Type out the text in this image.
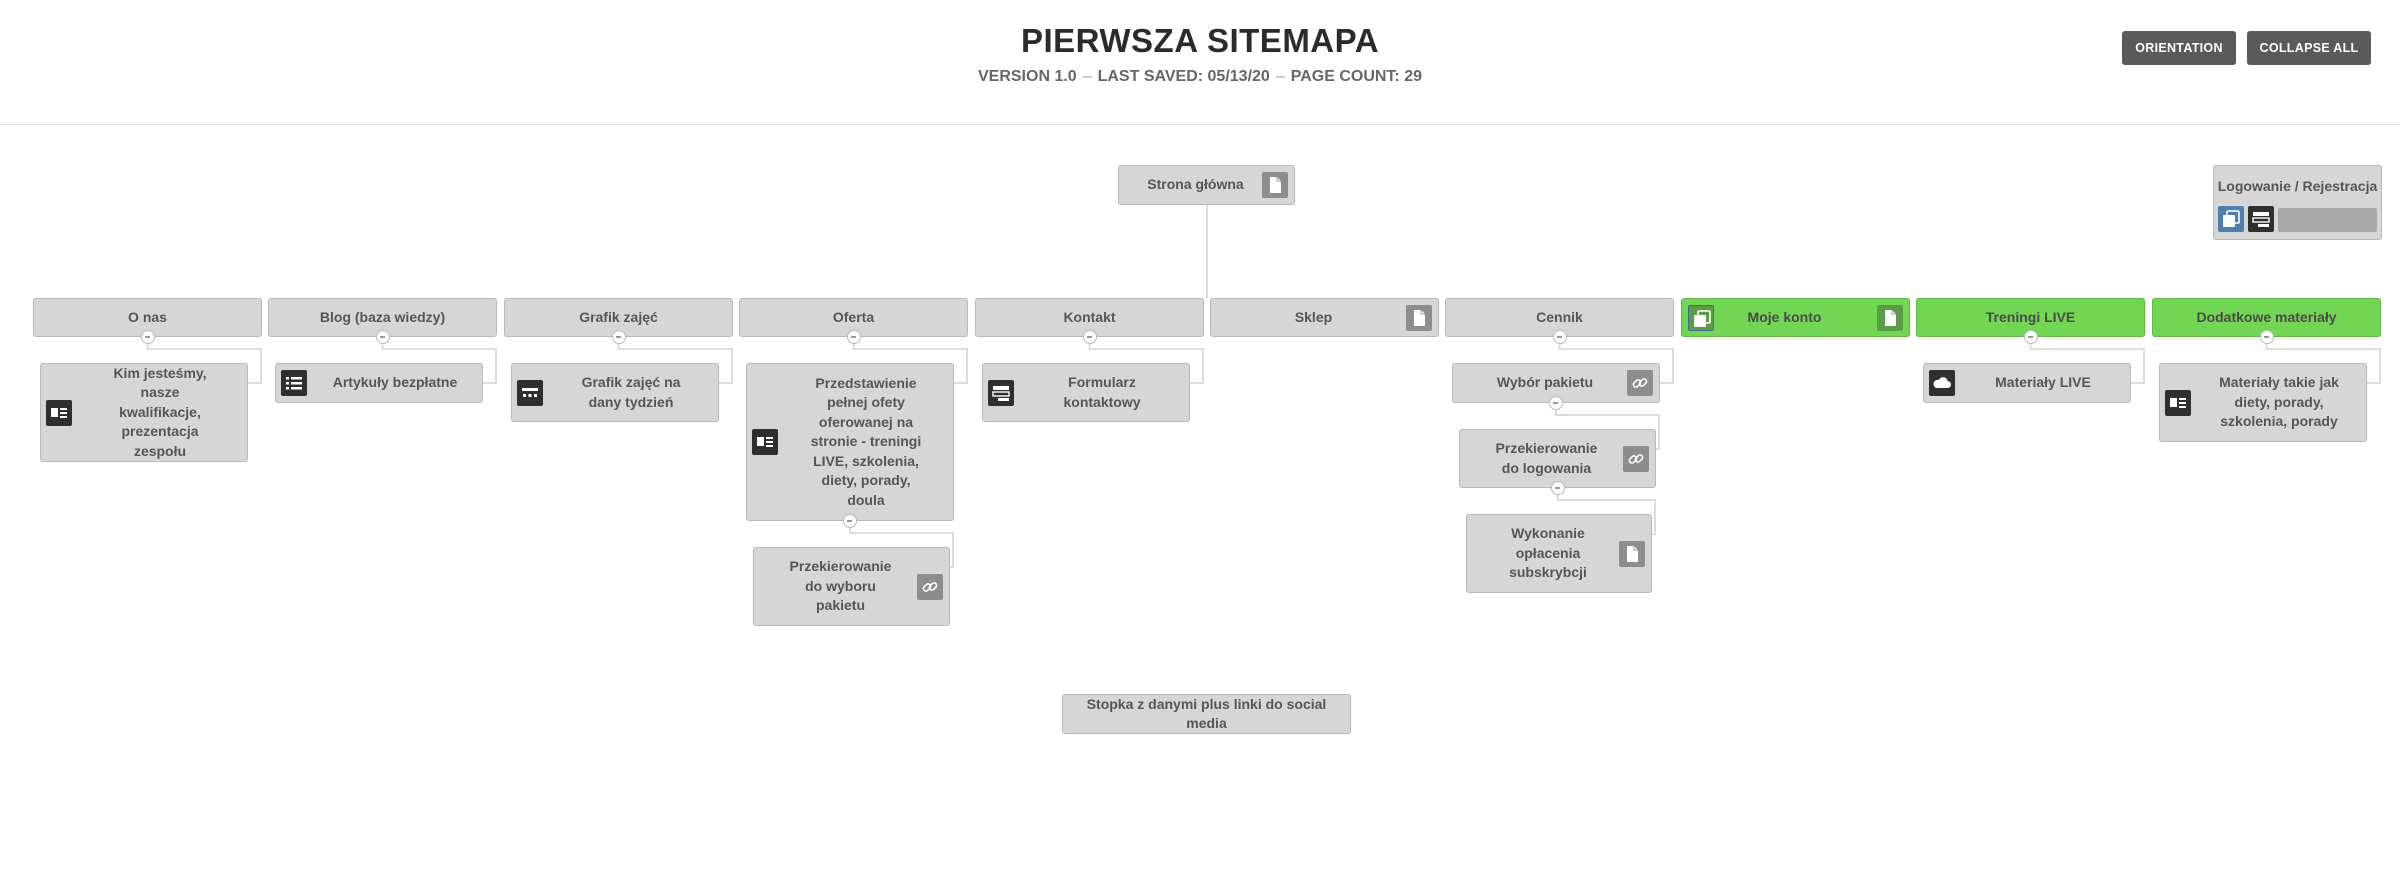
PIERWSZA SITEMAPA
VERSION 1.0 – LAST SAVED: 05/13/20 – PAGE COUNT: 29
ORIENTATION	COLLAPSE ALL
Strona główna
Stopka z danymi plus linki do social media
O nas
Kim jesteśmy, nasze kwalifikacje, prezentacja zespołu
Blog (baza wiedzy)
Artykuły bezpłatne
Grafik zajęć
Grafik zajęć na dany tydzień
Oferta
Przedstawienie pełnej ofety oferowanej na stronie - treningi LIVE, szkolenia, diety, porady, doula
Przekierowanie do wyboru pakietu
Kontakt
Formularz kontaktowy
Sklep	Cennik
Wybór pakietu
Przekierowanie do logowania
Wykonanie opłacenia subskrybcji
Moje konto	Treningi LIVE
Materiały LIVE
Dodatkowe materiały
Materiały takie jak diety, porady, szkolenia, porady
Logowanie / Rejestracja
